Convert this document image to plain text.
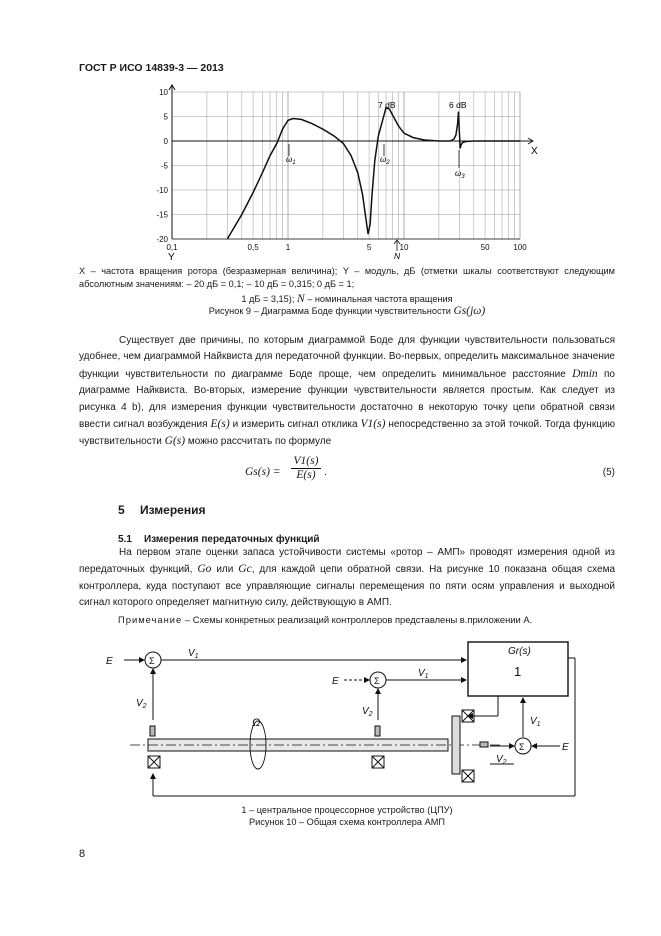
ГОСТ Р ИСО 14839-3 — 2013
10
5
0
-5
-10
-15
-20
0,1	0,5	1	5	10	50	100
Y
X
7 dB	6 dB
$\omega_1$	$\omega_2$
$\omega_3$
N
X – частота вращения ротора (безразмерная величина); Y – модуль, дБ (отметки шкалы соответствуют следующим абсолютным значениям: – 20 дБ = 0,1; – 10 дБ = 0,315; 0 дБ = 1;
1 дБ = 3,15); N – номинальная частота вращения
Рисунок 9 – Диаграмма Боде функции чувствительности Gs(jω)

Существует две причины, по которым диаграммой Боде для функции чувствительности пользоваться удобнее, чем диаграммой Найквиста для передаточной функции. Во-первых, определить максимальное значение функции чувствительности по диаграмме Боде проще, чем определить минимальное расстояние Dmin по диаграмме Найквиста. Во-вторых, измерение функции чувствительности является простым. Как следует из рисунка 4 b), для измерения функции чувствительности достаточно в некоторую точку цепи обратной связи ввести сигнал возбуждения E(s) и измерить сигнал отклика V1(s) непосредственно за этой точкой. Тогда функцию чувствительности G(s) можно рассчитать по формуле

$Gs(s) = \frac{V1(s)}{E(s)}$ .	(5)
5 Измерения
5.1 Измерения передаточных функций

На первом этапе оценки запаса устойчивости системы «ротор – АМП» проводят измерения одной из передаточных функций, Go или Gc, для каждой цепи обратной связи. На рисунке 10 показана общая схема контроллера, куда поступают все управляющие сигналы перемещения по пяти осям управления и выходной сигнал которого определяет магнитную силу, действующую в АМП.

Примечание – Схемы конкретных реализаций контроллеров представлены в.приложении А.
E
$V_1$
$V_2$
E
$V_1$
$V_2$
Ω	$V_1$
E
$V_2$
Σ
Σ
Σ
1
Gr(s)
1 – центральное процессорное устройство (ЦПУ)
Рисунок 10 – Общая схема контроллера АМП
8
